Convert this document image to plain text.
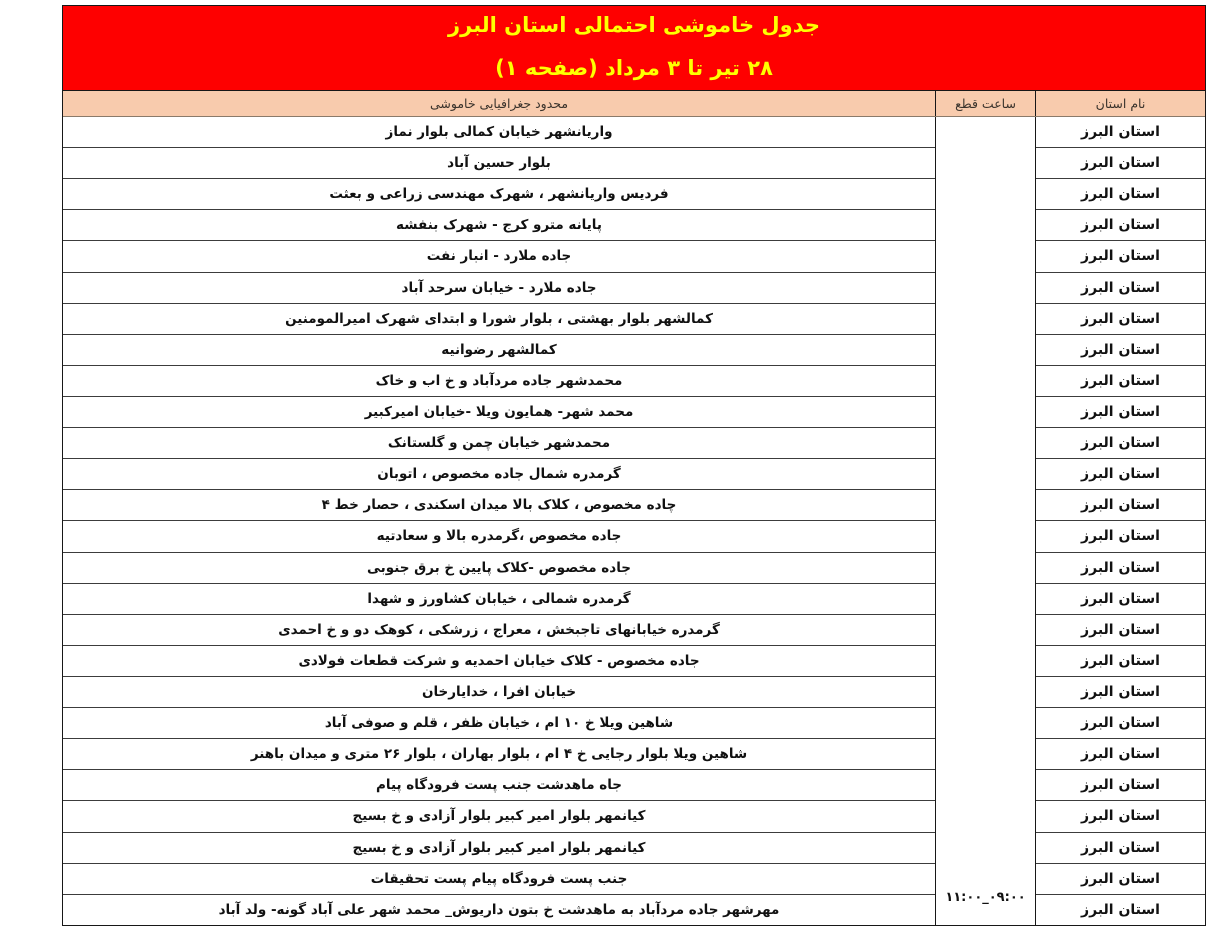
جدول خاموشی احتمالی استان البرز
۲۸ تیر تا ۳ مرداد (صفحه ۱)
نام استان
ساعت قطع
محدود جغرافیایی خاموشی
استان البرز
استان البرز
استان البرز
استان البرز
استان البرز
استان البرز
استان البرز
استان البرز
استان البرز
استان البرز
استان البرز
استان البرز
استان البرز
استان البرز
استان البرز
استان البرز
استان البرز
استان البرز
استان البرز
استان البرز
استان البرز
استان البرز
استان البرز
استان البرز
استان البرز
استان البرز
۰۹:۰۰_۱۱:۰۰
واریانشهر خیابان کمالی بلوار نماز
بلوار حسین آباد
فردیس واریانشهر ، شهرک مهندسی زراعی و بعثت
پایانه مترو کرج - شهرک بنفشه
جاده ملارد - انبار نفت
جاده ملارد - خیابان سرحد آباد
کمالشهر بلوار بهشتی ، بلوار شورا و ابتدای شهرک امیرالمومنین
کمالشهر رضوانیه
محمدشهر جاده مردآباد و خ اب و خاک
محمد شهر- همایون ویلا -خیابان امیرکبیر
محمدشهر خیابان چمن و گلستانک
گرمدره شمال جاده مخصوص ، اتوبان
چاده مخصوص ، کلاک بالا میدان اسکندی ، حصار خط ۴
جاده مخصوص ،گرمدره بالا و سعادتیه
جاده مخصوص -کلاک پایین خ برق جنوبی
گرمدره شمالی ، خیابان کشاورز و شهدا
گرمدره خیابانهای تاجبخش ، معراج ، زرشکی ، کوهک دو و خ احمدی
جاده مخصوص - کلاک خیابان احمدیه و شرکت قطعات فولادی
خیابان افرا ، خدایارخان
شاهین ویلا خ ۱۰ ام ، خیابان ظفر ، قلم و صوفی آباد
شاهین ویلا بلوار رجایی خ ۴ ام ، بلوار بهاران ، بلوار ۲۶ متری و میدان باهنر
جاه ماهدشت جنب پست فرودگاه پیام
کیانمهر بلوار امیر کبیر بلوار آزادی و خ بسیج
کیانمهر بلوار امیر کبیر بلوار آزادی و خ بسیج
جنب پست فرودگاه پیام پست تحقیقات
مهرشهر جاده مردآباد به ماهدشت خ بتون داریوش_ محمد شهر علی آباد گونه- ولد آباد
